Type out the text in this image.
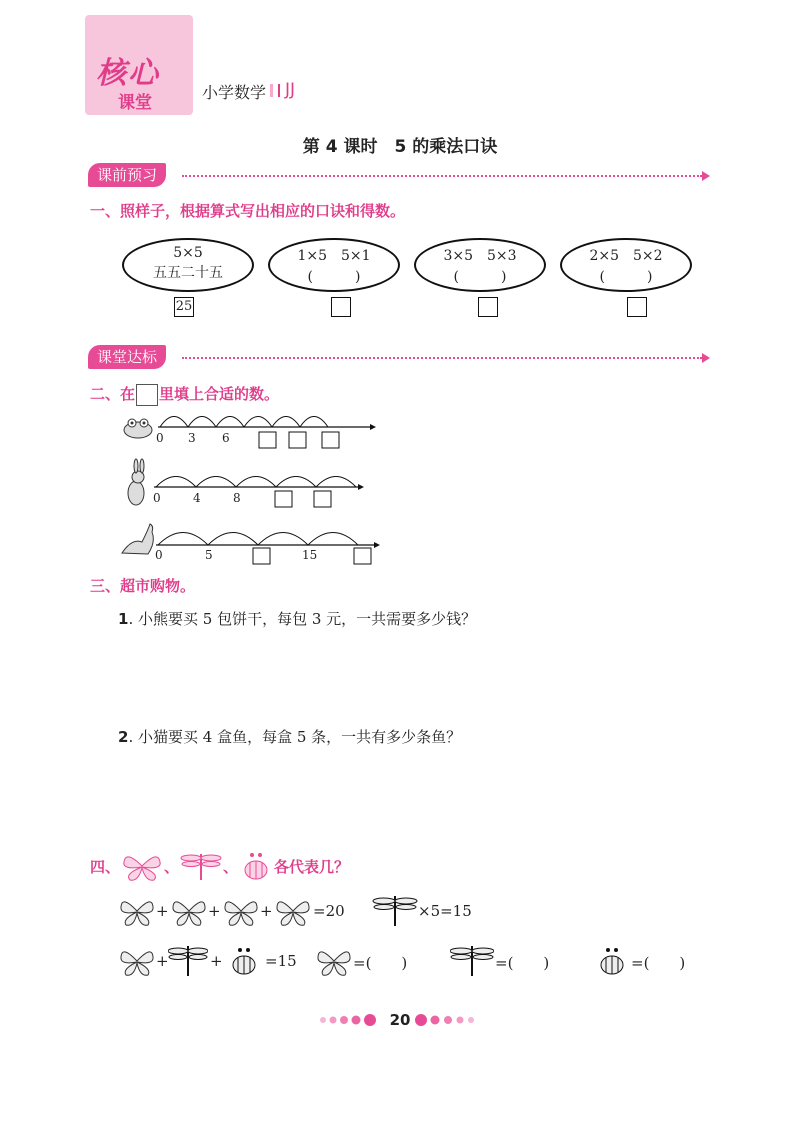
核心
课堂
小学数学 JJ
第 4 课时　5 的乘法口诀
课前预习
一、照样子，根据算式写出相应的口诀和得数。
5×5
五五二十五
1×5　5×1
(　　　)
3×5　5×3
(　　　)
2×5　5×2
(　　　)
25
课堂达标
二、在 里填上合适的数。
0 3 6
0	4	8
0	5	15
三、超市购物。
1. 小熊要买 5 包饼干，每包 3 元，一共需要多少钱？
2. 小猫要买 4 盒鱼，每盒 5 条，一共有多少条鱼？
四、	、	、 各代表几？
+	+	+	=20	×5=15
+	+	=15	=(　　)	=(　　)	=(　　)
20
